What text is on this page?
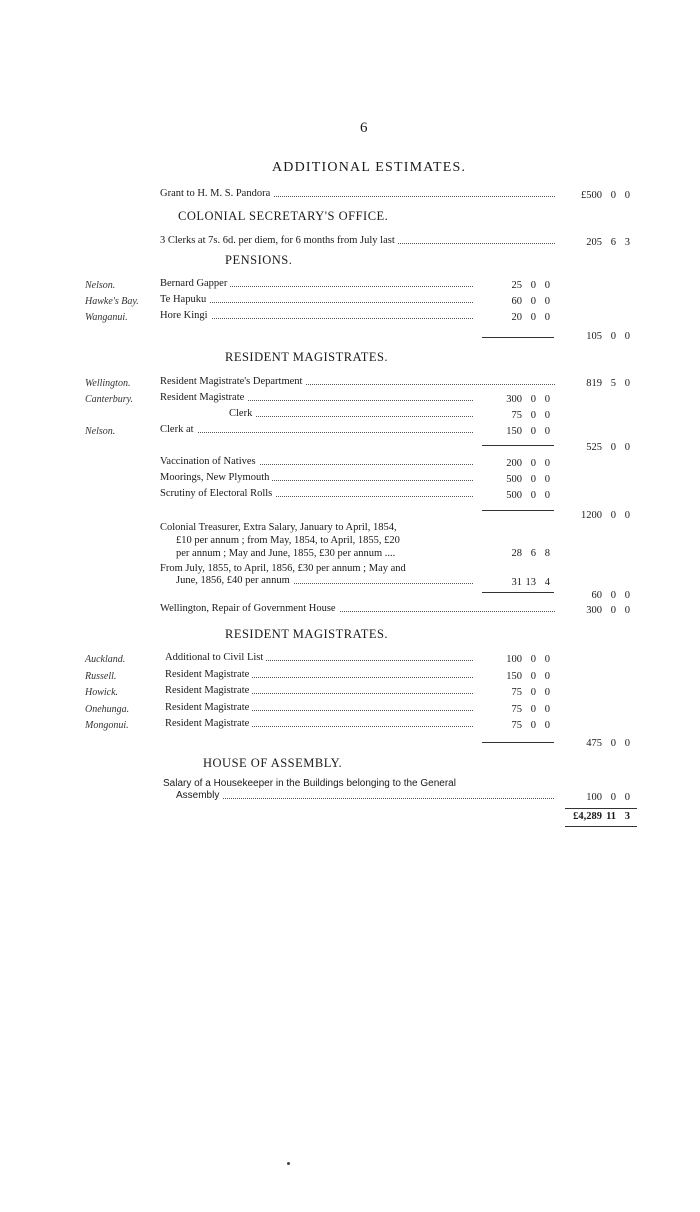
6
ADDITIONAL ESTIMATES.
Grant to H. M. S. Pandora	£500 0 0
COLONIAL SECRETARY'S OFFICE.
3 Clerks at 7s. 6d. per diem, for 6 months from July last	205 6 3
PENSIONS.
Nelson.	Bernard Gapper	25 0 0
Hawke's Bay. Te Hapuku	60 0 0
Wanganui.	Hore Kingi	20 0 0
105 0 0
RESIDENT MAGISTRATES.
Wellington.	Resident Magistrate's Department	819 5 0
Canterbury.	Resident Magistrate	300 0 0
Clerk	75 0 0
Nelson.	Clerk at	150 0 0
525 0 0
Vaccination of Natives	200 0 0
Moorings, New Plymouth	500 0 0
Scrutiny of Electoral Rolls	500 0 0
1200 0 0
Colonial Treasurer, Extra Salary, January to April, 1854,
£10 per annum ; from May, 1854, to April, 1855, £20
per annum ; May and June, 1855, £30 per annum ....	28 6 8
From July, 1855, to April, 1856, £30 per annum ; May and
June, 1856, £40 per annum	31 13 4
60 0 0
Wellington, Repair of Government House	300 0 0
RESIDENT MAGISTRATES.
Auckland.	Additional to Civil List	100 0 0
Russell.	Resident Magistrate	150 0 0
Howick.	Resident Magistrate	75 0 0
Onehunga.	Resident Magistrate	75 0 0
Mongonui.	Resident Magistrate	75 0 0
475 0 0
HOUSE OF ASSEMBLY.
Salary of a Housekeeper in the Buildings belonging to the General
Assembly	100 0 0
£4,289 11 3
